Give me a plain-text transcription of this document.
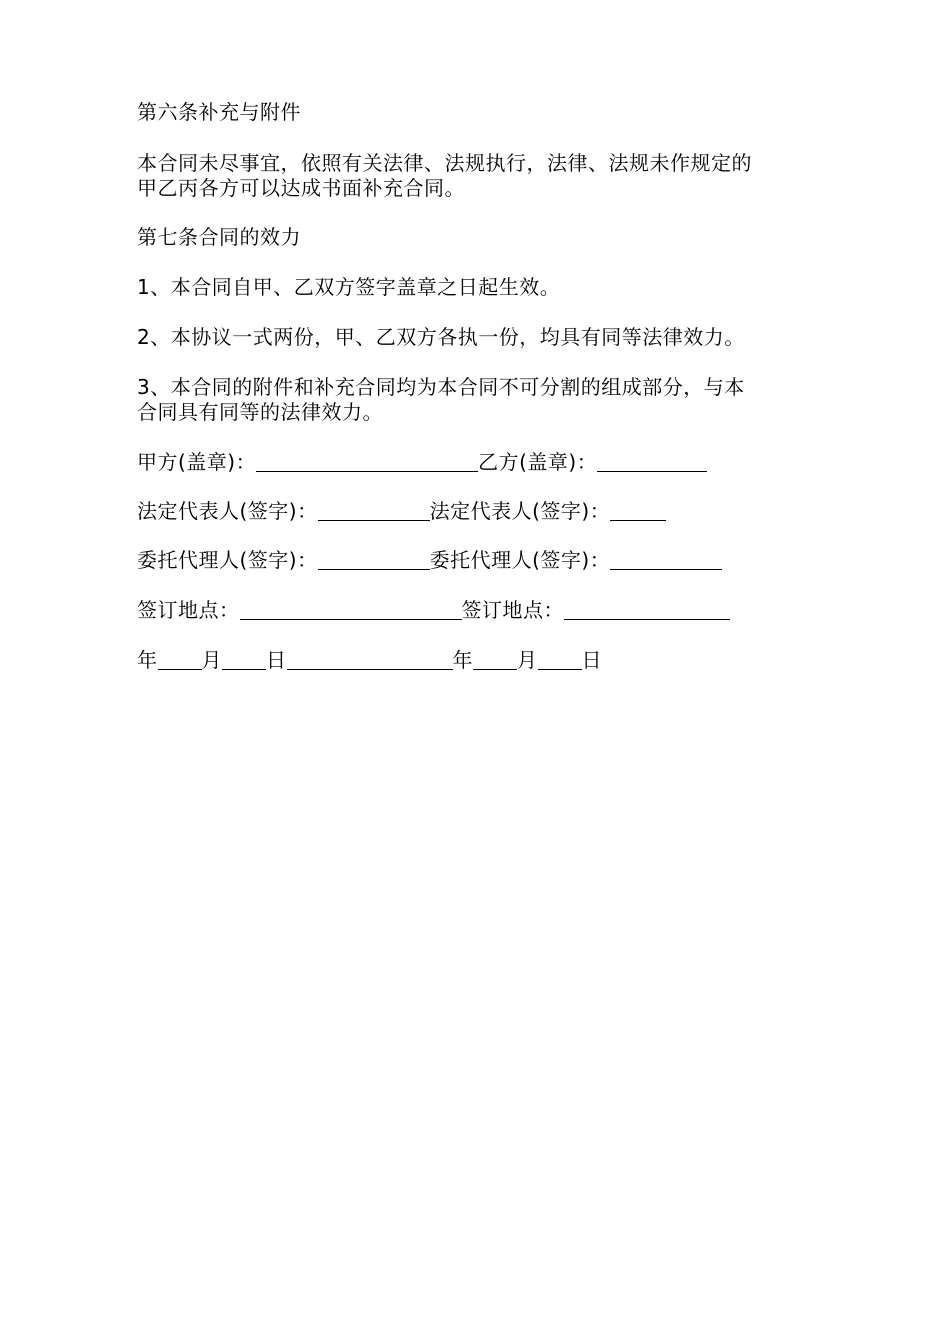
第六条补充与附件
本合同未尽事宜，依照有关法律、法规执行，法律、法规未作规定的
甲乙丙各方可以达成书面补充合同。
第七条合同的效力
1、本合同自甲、乙双方签字盖章之日起生效。
2、本协议一式两份，甲、乙双方各执一份，均具有同等法律效力。
3、本合同的附件和补充合同均为本合同不可分割的组成部分，与本
合同具有同等的法律效力。
甲方(盖章)：	乙方(盖章)：
法定代表人(签字)：	法定代表人(签字)：
委托代理人(签字)：	委托代理人(签字)：
签订地点：	签订地点：
年 月 日	年 月 日
